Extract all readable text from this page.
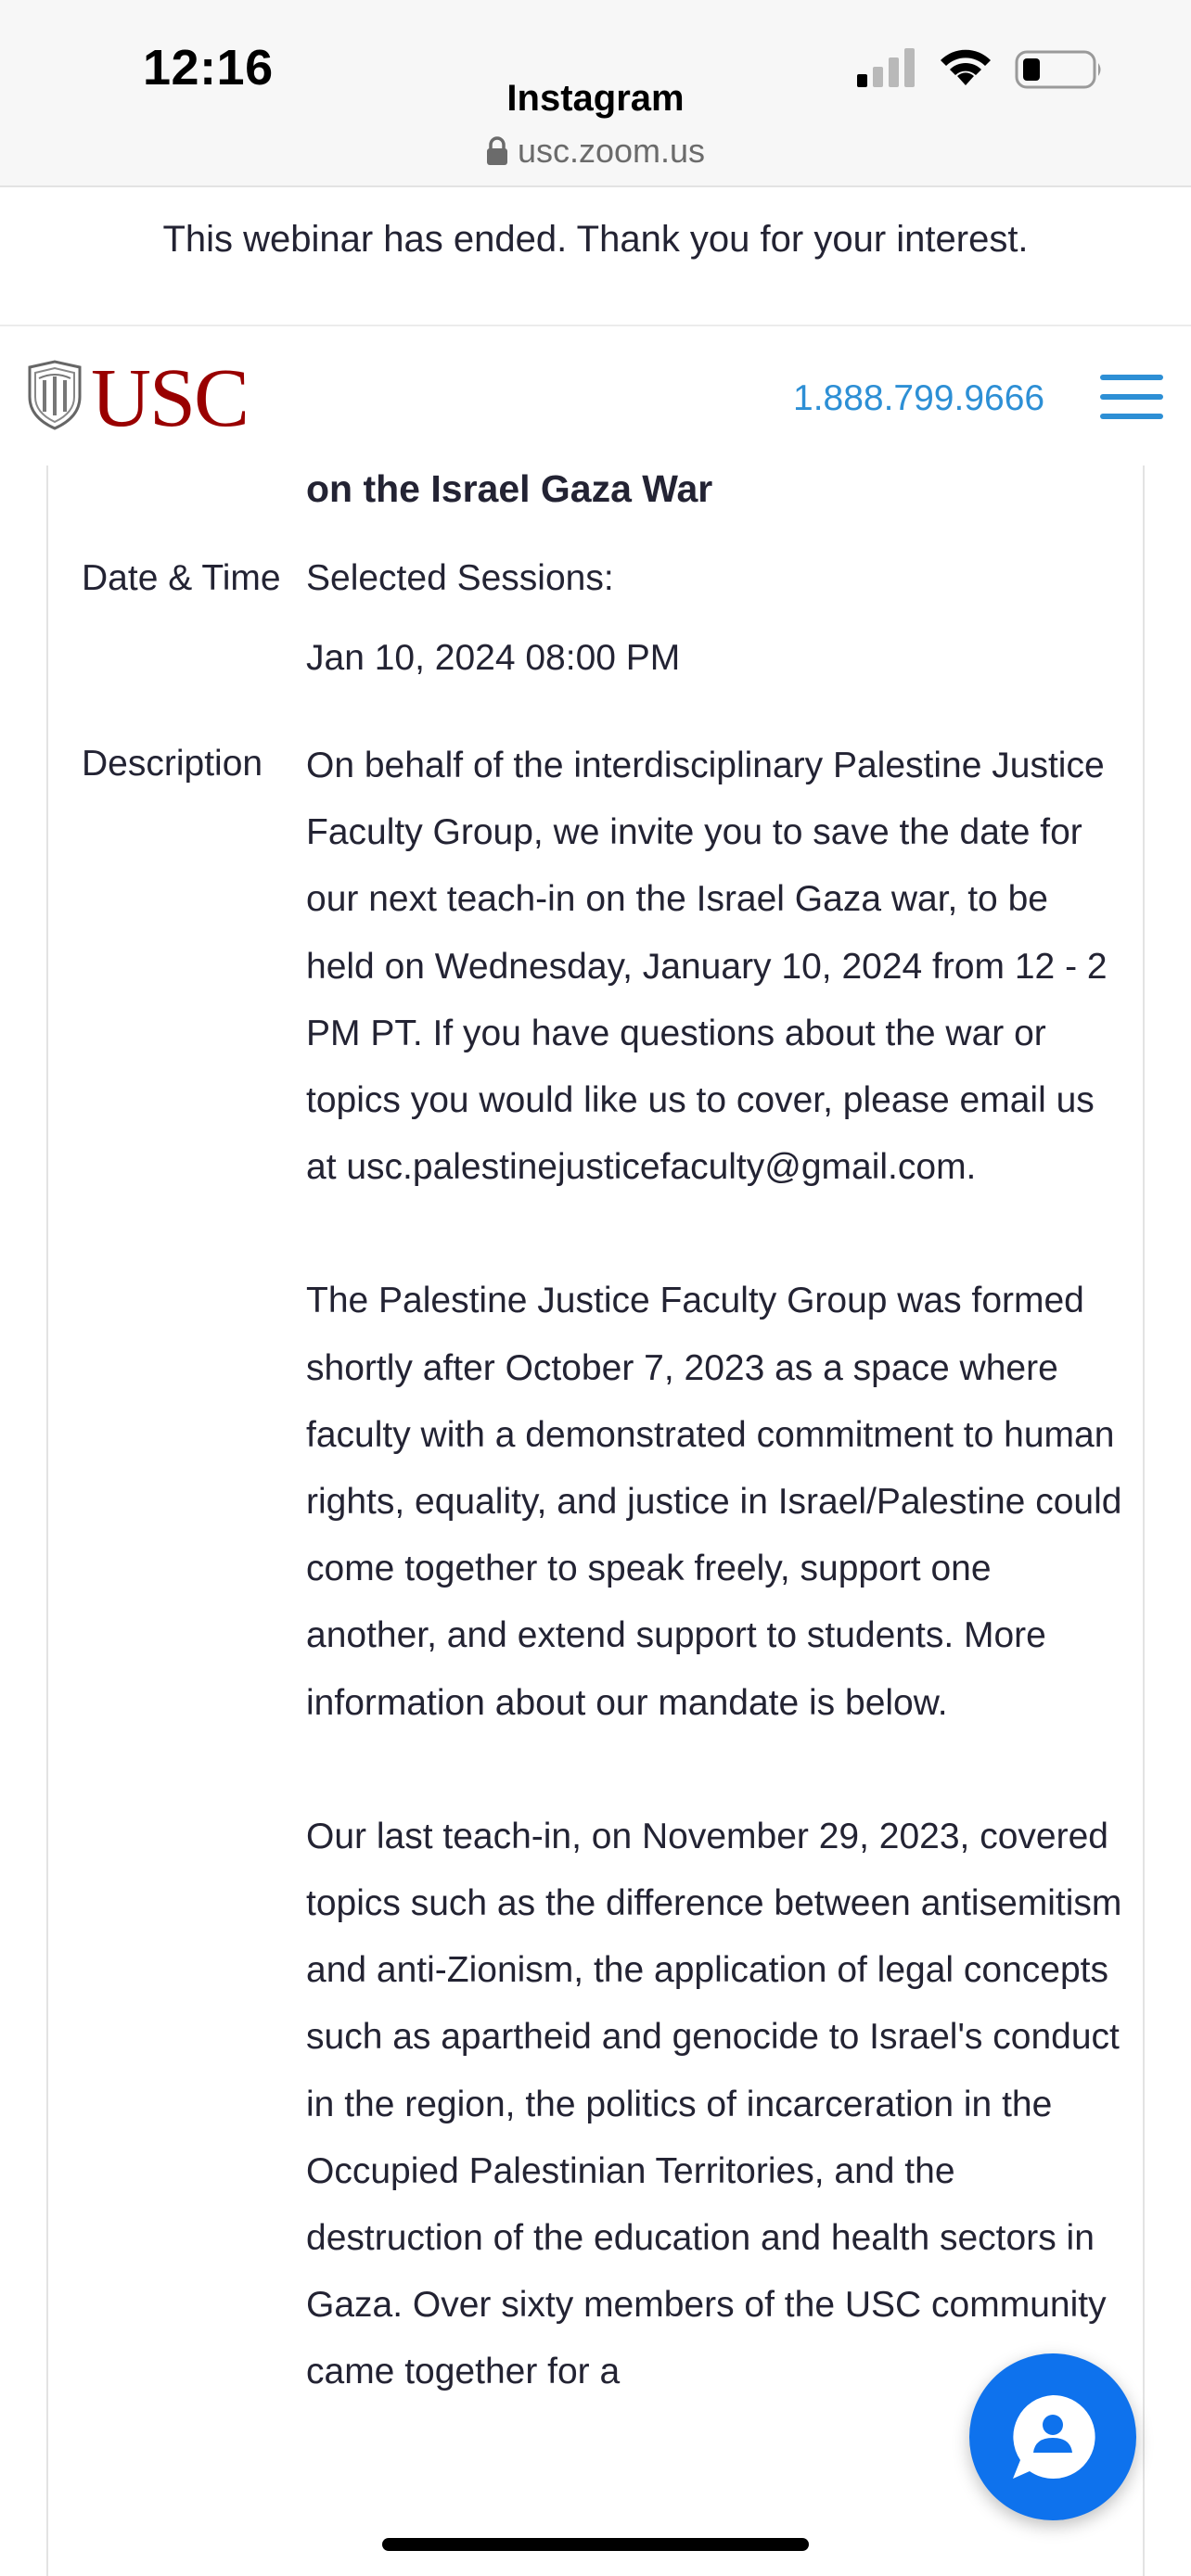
12:16
Instagram
usc.zoom.us
This webinar has ended. Thank you for your interest.
USC	1.888.799.9666
on the Israel Gaza War
Date & Time Selected Sessions:
Jan 10, 2024 08:00 PM
Description On behalf of the interdisciplinary Palestine Justice Faculty Group, we invite you to save the date for our next teach-in on the Israel Gaza war, to be held on Wednesday, January 10, 2024 from 12 - 2 PM PT. If you have questions about the war or topics you would like us to cover, please email us at usc.palestinejusticefaculty@gmail.com.

The Palestine Justice Faculty Group was formed shortly after October 7, 2023 as a space where faculty with a demonstrated commitment to human rights, equality, and justice in Israel/Palestine could come together to speak freely, support one another, and extend support to students. More information about our mandate is below.

Our last teach-in, on November 29, 2023, covered topics such as the difference between antisemitism and anti-Zionism, the application of legal concepts such as apartheid and genocide to Israel's conduct in the region, the politics of incarceration in the Occupied Palestinian Territories, and the destruction of the education and health sectors in Gaza. Over sixty members of the USC community came together for a
